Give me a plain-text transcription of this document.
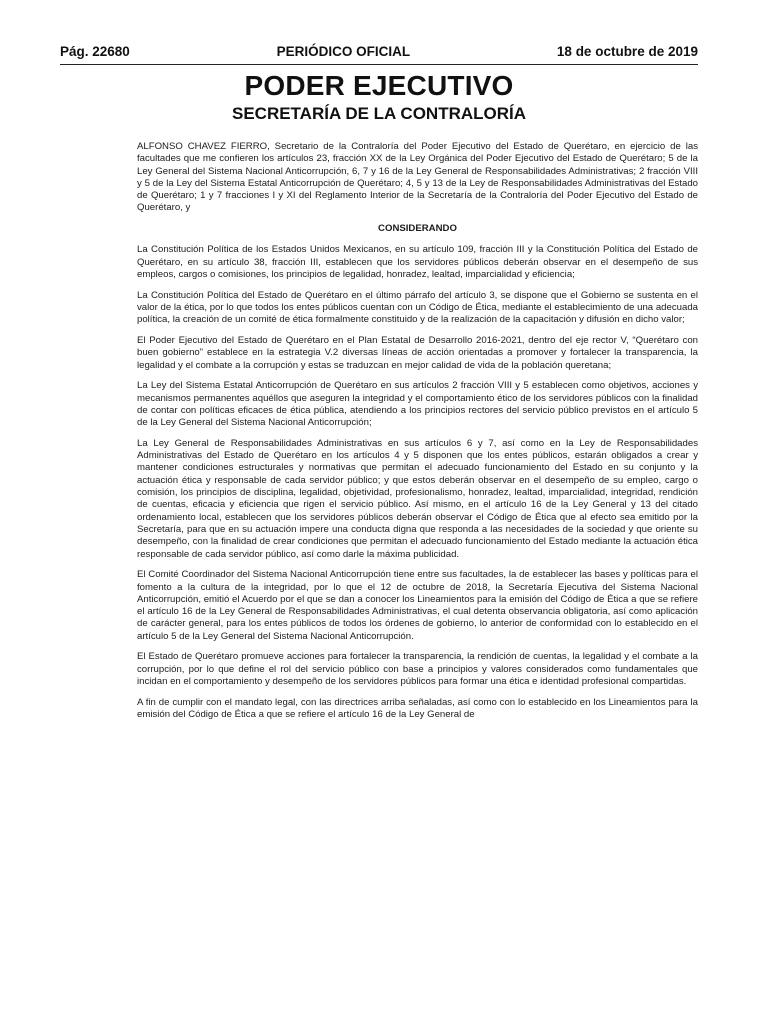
Pág. 22680	PERIÓDICO OFICIAL	18 de octubre de 2019
PODER EJECUTIVO
SECRETARÍA DE LA CONTRALORÍA

ALFONSO CHAVEZ FIERRO, Secretario de la Contraloría del Poder Ejecutivo del Estado de Querétaro, en ejercicio de las facultades que me confieren los artículos 23, fracción XX de la Ley Orgánica del Poder Ejecutivo del Estado de Querétaro; 5 de la Ley General del Sistema Nacional Anticorrupción, 6, 7 y 16 de la Ley General de Responsabilidades Administrativas; 2 fracción VIII y 5 de la Ley del Sistema Estatal Anticorrupción de Querétaro; 4, 5 y 13 de la Ley de Responsabilidades Administrativas del Estado de Querétaro; 1 y 7 fracciones I y XI del Reglamento Interior de la Secretaría de la Contraloría del Poder Ejecutivo del Estado de Querétaro, y

CONSIDERANDO

La Constitución Política de los Estados Unidos Mexicanos, en su artículo 109, fracción III y la Constitución Política del Estado de Querétaro, en su artículo 38, fracción III, establecen que los servidores públicos deberán observar en el desempeño de sus empleos, cargos o comisiones, los principios de legalidad, honradez, lealtad, imparcialidad y eficiencia;

La Constitución Política del Estado de Querétaro en el último párrafo del artículo 3, se dispone que el Gobierno se sustenta en el valor de la ética, por lo que todos los entes públicos cuentan con un Código de Ética, mediante el establecimiento de una adecuada política, la creación de un comité de ética formalmente constituido y de la realización de la capacitación y difusión en dicho valor;

El Poder Ejecutivo del Estado de Querétaro en el Plan Estatal de Desarrollo 2016-2021, dentro del eje rector V, “Querétaro con buen gobierno” establece en la estrategia V.2 diversas líneas de acción orientadas a promover y fortalecer la transparencia, la legalidad y el combate a la corrupción y estas se traduzcan en mejor calidad de vida de la población queretana;

La Ley del Sistema Estatal Anticorrupción de Querétaro en sus artículos 2 fracción VIII y 5 establecen como objetivos, acciones y mecanismos permanentes aquéllos que aseguren la integridad y el comportamiento ético de los servidores públicos con la finalidad de contar con políticas eficaces de ética pública, atendiendo a los principios rectores del servicio público previstos en el artículo 5 de la Ley General del Sistema Nacional Anticorrupción;

La Ley General de Responsabilidades Administrativas en sus artículos 6 y 7, así como en la Ley de Responsabilidades Administrativas del Estado de Querétaro en los artículos 4 y 5 disponen que los entes públicos, estarán obligados a crear y mantener condiciones estructurales y normativas que permitan el adecuado funcionamiento del Estado en su conjunto y la actuación ética y responsable de cada servidor público; y que estos deberán observar en el desempeño de su empleo, cargo o comisión, los principios de disciplina, legalidad, objetividad, profesionalismo, honradez, lealtad, imparcialidad, integridad, rendición de cuentas, eficacia y eficiencia que rigen el servicio público. Así mismo, en el artículo 16 de la Ley General y 13 del citado ordenamiento local, establecen que los servidores públicos deberán observar el Código de Ética que al efecto sea emitido por la Secretaría, para que en su actuación impere una conducta digna que responda a las necesidades de la sociedad y que oriente su desempeño, con la finalidad de crear condiciones que permitan el adecuado funcionamiento del Estado mediante la actuación ética responsable de cada servidor público, así como darle la máxima publicidad.

El Comité Coordinador del Sistema Nacional Anticorrupción tiene entre sus facultades, la de establecer las bases y políticas para el fomento a la cultura de la integridad, por lo que el 12 de octubre de 2018, la Secretaría Ejecutiva del Sistema Nacional Anticorrupción, emitió el Acuerdo por el que se dan a conocer los Lineamientos para la emisión del Código de Ética a que se refiere el artículo 16 de la Ley General de Responsabilidades Administrativas, el cual detenta observancia obligatoria, así como aplicación de carácter general, para los entes públicos de todos los órdenes de gobierno, lo anterior de conformidad con lo establecido en el artículo 5 de la Ley General del Sistema Nacional Anticorrupción.

El Estado de Querétaro promueve acciones para fortalecer la transparencia, la rendición de cuentas, la legalidad y el combate a la corrupción, por lo que define el rol del servicio público con base a principios y valores considerados como fundamentales que incidan en el comportamiento y desempeño de los servidores públicos para formar una ética e identidad profesional compartidas.

A fin de cumplir con el mandato legal, con las directrices arriba señaladas, así como con lo establecido en los Lineamientos para la emisión del Código de Ética a que se refiere el artículo 16 de la Ley General de
